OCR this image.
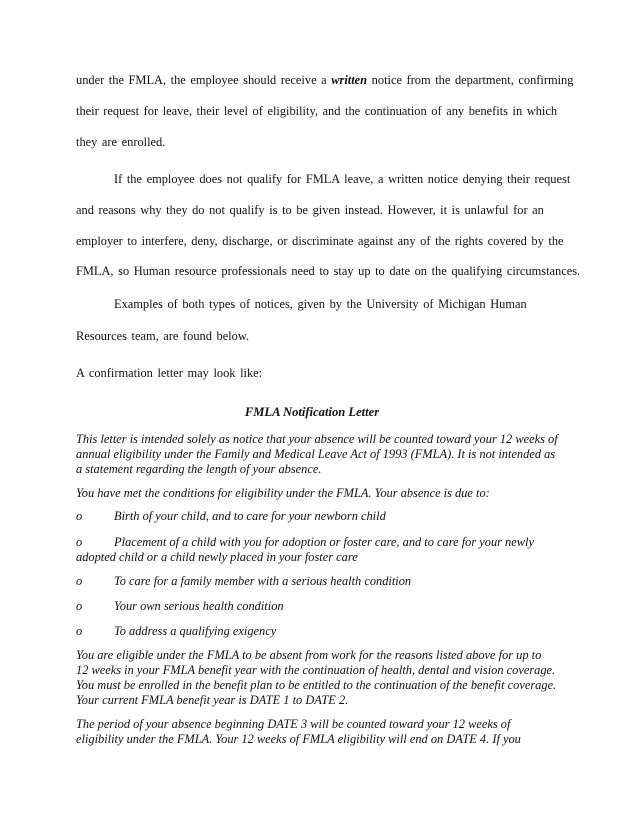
under the FMLA, the employee should receive a written notice from the department, confirming
their request for leave, their level of eligibility, and the continuation of any benefits in which
they are enrolled.
If the employee does not qualify for FMLA leave, a written notice denying their request
and reasons why they do not qualify is to be given instead. However, it is unlawful for an
employer to interfere, deny, discharge, or discriminate against any of the rights covered by the
FMLA, so Human resource professionals need to stay up to date on the qualifying circumstances.
Examples of both types of notices, given by the University of Michigan Human
Resources team, are found below.
A confirmation letter may look like:
FMLA Notification Letter
This letter is intended solely as notice that your absence will be counted toward your 12 weeks of
annual eligibility under the Family and Medical Leave Act of 1993 (FMLA). It is not intended as
a statement regarding the length of your absence.
You have met the conditions for eligibility under the FMLA. Your absence is due to:
o	Birth of your child, and to care for your newborn child
o	Placement of a child with you for adoption or foster care, and to care for your newly
adopted child or a child newly placed in your foster care
o	To care for a family member with a serious health condition
o	Your own serious health condition
o	To address a qualifying exigency
You are eligible under the FMLA to be absent from work for the reasons listed above for up to
12 weeks in your FMLA benefit year with the continuation of health, dental and vision coverage.
You must be enrolled in the benefit plan to be entitled to the continuation of the benefit coverage.
Your current FMLA benefit year is DATE 1 to DATE 2.
The period of your absence beginning DATE 3 will be counted toward your 12 weeks of
eligibility under the FMLA. Your 12 weeks of FMLA eligibility will end on DATE 4. If you
